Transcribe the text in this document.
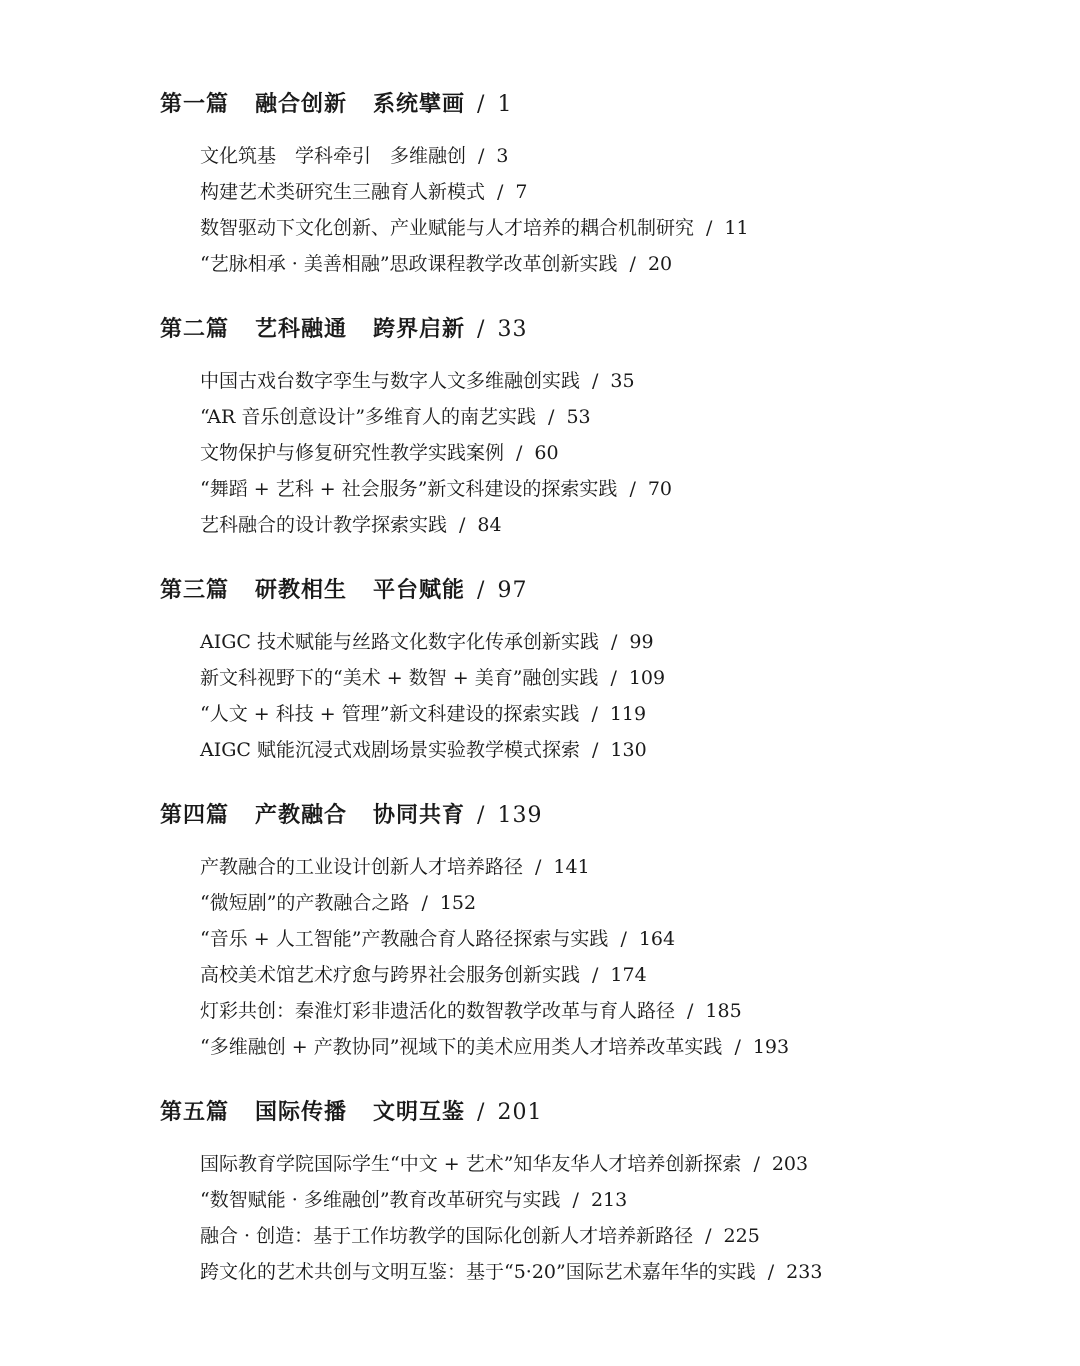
第一篇 融合创新 系统擘画 / 1
文化筑基　学科牵引　多维融创 / 3
构建艺术类研究生三融育人新模式 / 7
数智驱动下文化创新、产业赋能与人才培养的耦合机制研究 / 11
“艺脉相承 · 美善相融”思政课程教学改革创新实践 / 20
第二篇 艺科融通 跨界启新 / 33
中国古戏台数字孪生与数字人文多维融创实践 / 35
“AR 音乐创意设计”多维育人的南艺实践 / 53
文物保护与修复研究性教学实践案例 / 60
“舞蹈 + 艺科 + 社会服务”新文科建设的探索实践 / 70
艺科融合的设计教学探索实践 / 84
第三篇 研教相生 平台赋能 / 97
AIGC 技术赋能与丝路文化数字化传承创新实践 / 99
新文科视野下的“美术 + 数智 + 美育”融创实践 / 109
“人文 + 科技 + 管理”新文科建设的探索实践 / 119
AIGC 赋能沉浸式戏剧场景实验教学模式探索 / 130
第四篇 产教融合 协同共育 / 139
产教融合的工业设计创新人才培养路径 / 141
“微短剧”的产教融合之路 / 152
“音乐 + 人工智能”产教融合育人路径探索与实践 / 164
高校美术馆艺术疗愈与跨界社会服务创新实践 / 174
灯彩共创：秦淮灯彩非遗活化的数智教学改革与育人路径 / 185
“多维融创 + 产教协同”视域下的美术应用类人才培养改革实践 / 193
第五篇 国际传播 文明互鉴 / 201
国际教育学院国际学生“中文 + 艺术”知华友华人才培养创新探索 / 203
“数智赋能 · 多维融创”教育改革研究与实践 / 213
融合 · 创造：基于工作坊教学的国际化创新人才培养新路径 / 225
跨文化的艺术共创与文明互鉴：基于“5·20”国际艺术嘉年华的实践 / 233
